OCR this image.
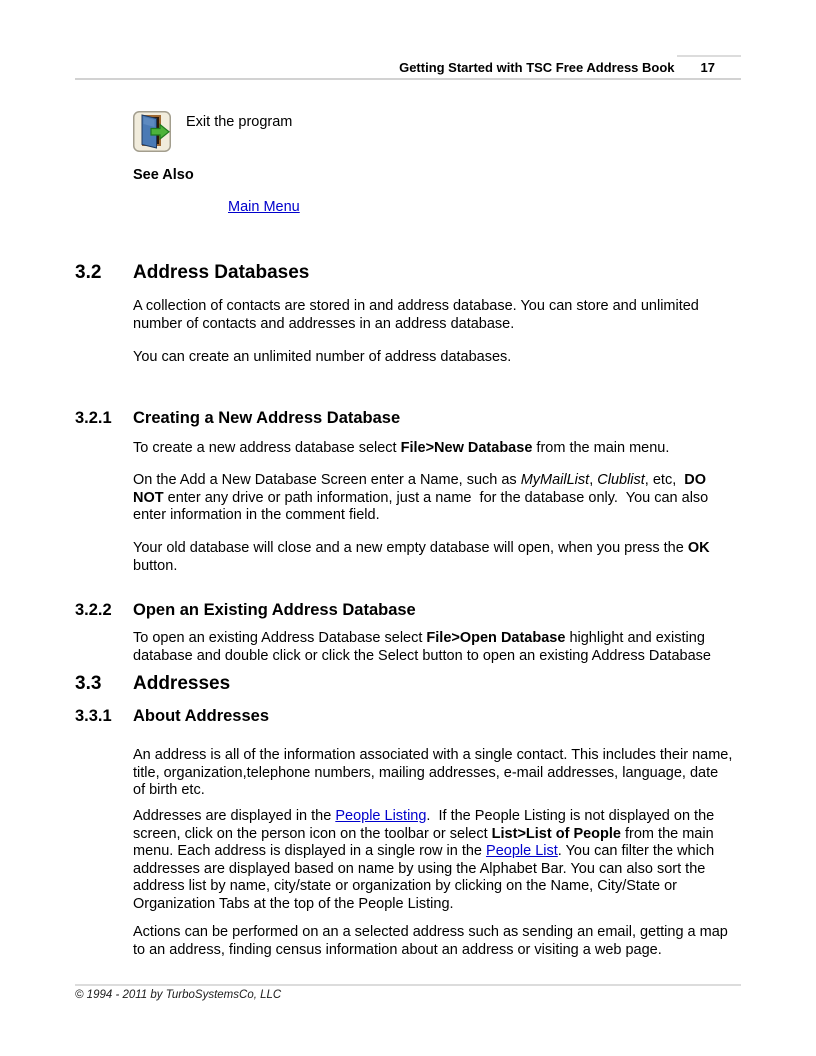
Getting Started with TSC Free Address Book 17
Exit the program
See Also
Main Menu
3.2	Address Databases
A collection of contacts are stored in and address database. You can store and unlimited number of contacts and addresses in an address database.
You can create an unlimited number of address databases.
3.2.1	Creating a New Address Database
To create a new address database select File>New Database from the main menu.
On the Add a New Database Screen enter a Name, such as MyMailList, Clublist, etc,  DO NOT enter any drive or path information, just a name  for the database only.  You can also enter information in the comment field.
Your old database will close and a new empty database will open, when you press the OK button.
3.2.2	Open an Existing Address Database
To open an existing Address Database select File>Open Database highlight and existing database and double click or click the Select button to open an existing Address Database
3.3	Addresses
3.3.1	About Addresses
An address is all of the information associated with a single contact. This includes their name, title, organization,telephone numbers, mailing addresses, e-mail addresses, language, date of birth etc.
Addresses are displayed in the People Listing.  If the People Listing is not displayed on the screen, click on the person icon on the toolbar or select List>List of People from the main menu. Each address is displayed in a single row in the People List. You can filter the which addresses are displayed based on name by using the Alphabet Bar. You can also sort the address list by name, city/state or organization by clicking on the Name, City/State or Organization Tabs at the top of the People Listing.
Actions can be performed on an a selected address such as sending an email, getting a map to an address, finding census information about an address or visiting a web page.
© 1994 - 2011 by TurboSystemsCo, LLC
